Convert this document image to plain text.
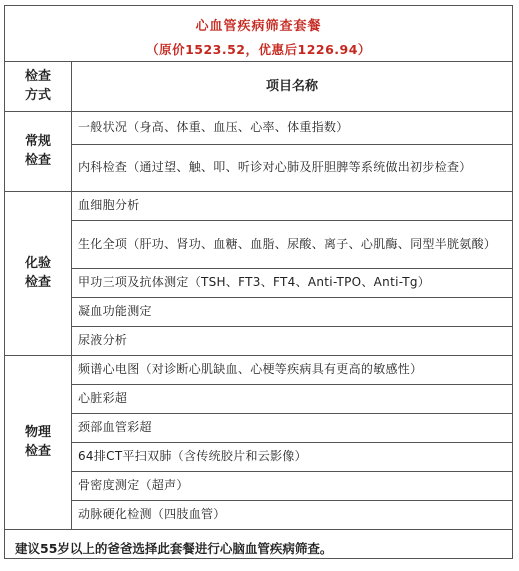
心血管疾病筛查套餐
（原价1523.52，优惠后1226.94）
检查
方式	项目名称
常规
检查	一般状况（身高、体重、血压、心率、体重指数）
	内科检查（通过望、触、叩、听诊对心肺及肝胆脾等系统做出初步检查）
化验
检查	血细胞分析
	生化全项（肝功、肾功、血糖、血脂、尿酸、离子、心肌酶、同型半胱氨酸）
	甲功三项及抗体测定（TSH、FT3、FT4、Anti-TPO、Anti-Tg）
	凝血功能测定
	尿液分析
物理
检查	频谱心电图（对诊断心肌缺血、心梗等疾病具有更高的敏感性）
	心脏彩超
	颈部血管彩超
	64排CT平扫双肺（含传统胶片和云影像）
	骨密度测定（超声）
	动脉硬化检测（四肢血管）
建议55岁以上的爸爸选择此套餐进行心脑血管疾病筛查。
